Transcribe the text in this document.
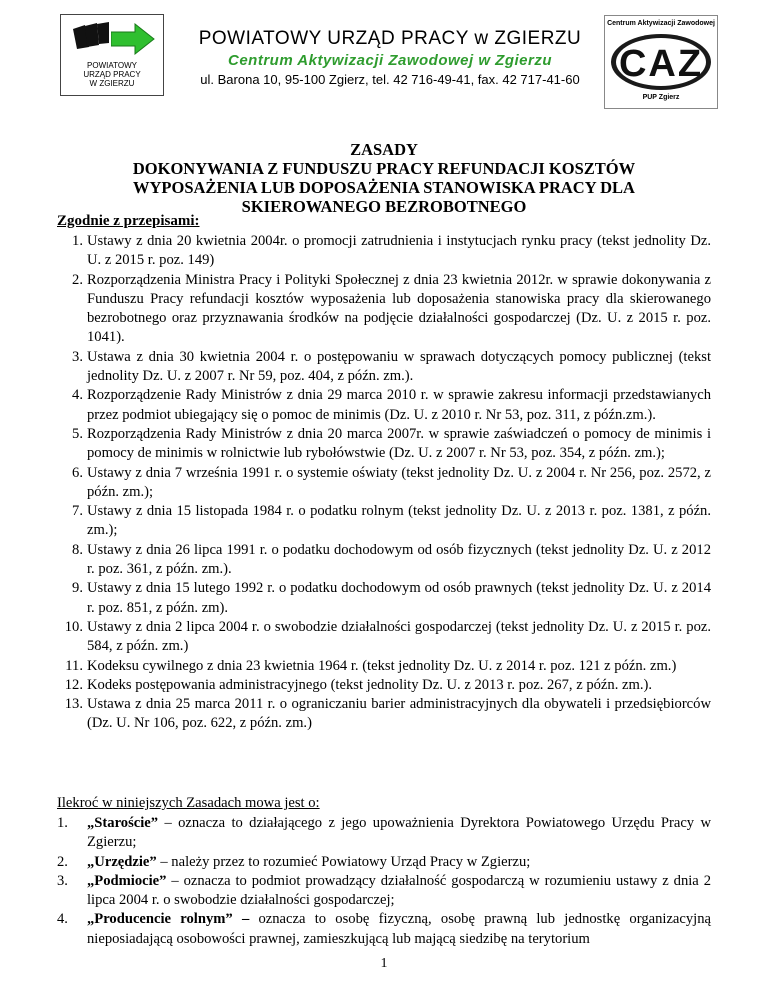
POWIATOWY
URZĄD PRACY
W ZGIERZU
POWIATOWY URZĄD PRACY w ZGIERZU
Centrum Aktywizacji Zawodowej w Zgierzu
ul. Barona 10, 95-100 Zgierz, tel. 42 716-49-41, fax. 42 717-41-60
Centrum Aktywizacji Zawodowej
CAZ
PUP Zgierz
ZASADY
DOKONYWANIA Z FUNDUSZU PRACY REFUNDACJI KOSZTÓW
WYPOSAŻENIA LUB DOPOSAŻENIA STANOWISKA PRACY DLA
SKIEROWANEGO BEZROBOTNEGO
Zgodnie z przepisami:
1. Ustawy z dnia 20 kwietnia 2004r. o promocji zatrudnienia i instytucjach rynku pracy (tekst jednolity Dz. U. z 2015 r. poz. 149)
2. Rozporządzenia Ministra Pracy i Polityki Społecznej z dnia 23 kwietnia 2012r. w sprawie dokonywania z Funduszu Pracy refundacji kosztów wyposażenia lub doposażenia stanowiska pracy dla skierowanego bezrobotnego oraz przyznawania środków na podjęcie działalności gospodarczej (Dz. U. z 2015 r. poz. 1041).
3. Ustawa z dnia 30 kwietnia 2004 r. o postępowaniu w sprawach dotyczących pomocy publicznej (tekst jednolity Dz. U. z 2007 r. Nr 59, poz. 404, z późn. zm.).
4. Rozporządzenie Rady Ministrów z dnia 29 marca 2010 r. w sprawie zakresu informacji przedstawianych przez podmiot ubiegający się o pomoc de minimis (Dz. U. z 2010 r. Nr 53, poz. 311, z późn.zm.).
5. Rozporządzenia Rady Ministrów z dnia 20 marca 2007r. w sprawie zaświadczeń o pomocy de minimis i pomocy de minimis w rolnictwie lub rybołówstwie (Dz. U. z 2007 r. Nr 53, poz. 354, z późn. zm.);
6. Ustawy z dnia 7 września 1991 r. o systemie oświaty (tekst jednolity Dz. U. z 2004 r. Nr 256, poz. 2572, z późn. zm.);
7. Ustawy z dnia 15 listopada 1984 r. o podatku rolnym (tekst jednolity Dz. U. z 2013 r. poz. 1381, z późn. zm.);
8. Ustawy z dnia 26 lipca 1991 r. o podatku dochodowym od osób fizycznych (tekst jednolity Dz. U. z 2012 r. poz. 361, z późn. zm.).
9. Ustawy z dnia 15 lutego 1992 r. o podatku dochodowym od osób prawnych (tekst jednolity Dz. U. z 2014 r. poz. 851, z późn. zm).
10. Ustawy z dnia 2 lipca 2004 r. o swobodzie działalności gospodarczej (tekst jednolity Dz. U. z 2015 r. poz. 584, z późn. zm.)
11. Kodeksu cywilnego z dnia 23 kwietnia 1964 r. (tekst jednolity Dz. U. z 2014 r. poz. 121 z późn. zm.)
12. Kodeks postępowania administracyjnego (tekst jednolity Dz. U. z 2013 r. poz. 267, z późn. zm.).
13. Ustawa z dnia 25 marca 2011 r. o ograniczaniu barier administracyjnych dla obywateli i przedsiębiorców (Dz. U. Nr 106, poz. 622, z późn. zm.)
Ilekroć w niniejszych Zasadach mowa jest o:
1.	„Staroście” – oznacza to działającego z jego upoważnienia Dyrektora Powiatowego Urzędu Pracy w Zgierzu;
2.	„Urzędzie” – należy przez to rozumieć Powiatowy Urząd Pracy w Zgierzu;
3.	„Podmiocie” – oznacza to podmiot prowadzący działalność gospodarczą w rozumieniu ustawy z dnia 2 lipca 2004 r. o swobodzie działalności gospodarczej;
4.	„Producencie rolnym” – oznacza to osobę fizyczną, osobę prawną lub jednostkę organizacyjną nieposiadającą osobowości prawnej, zamieszkującą lub mającą siedzibę na terytorium
1
